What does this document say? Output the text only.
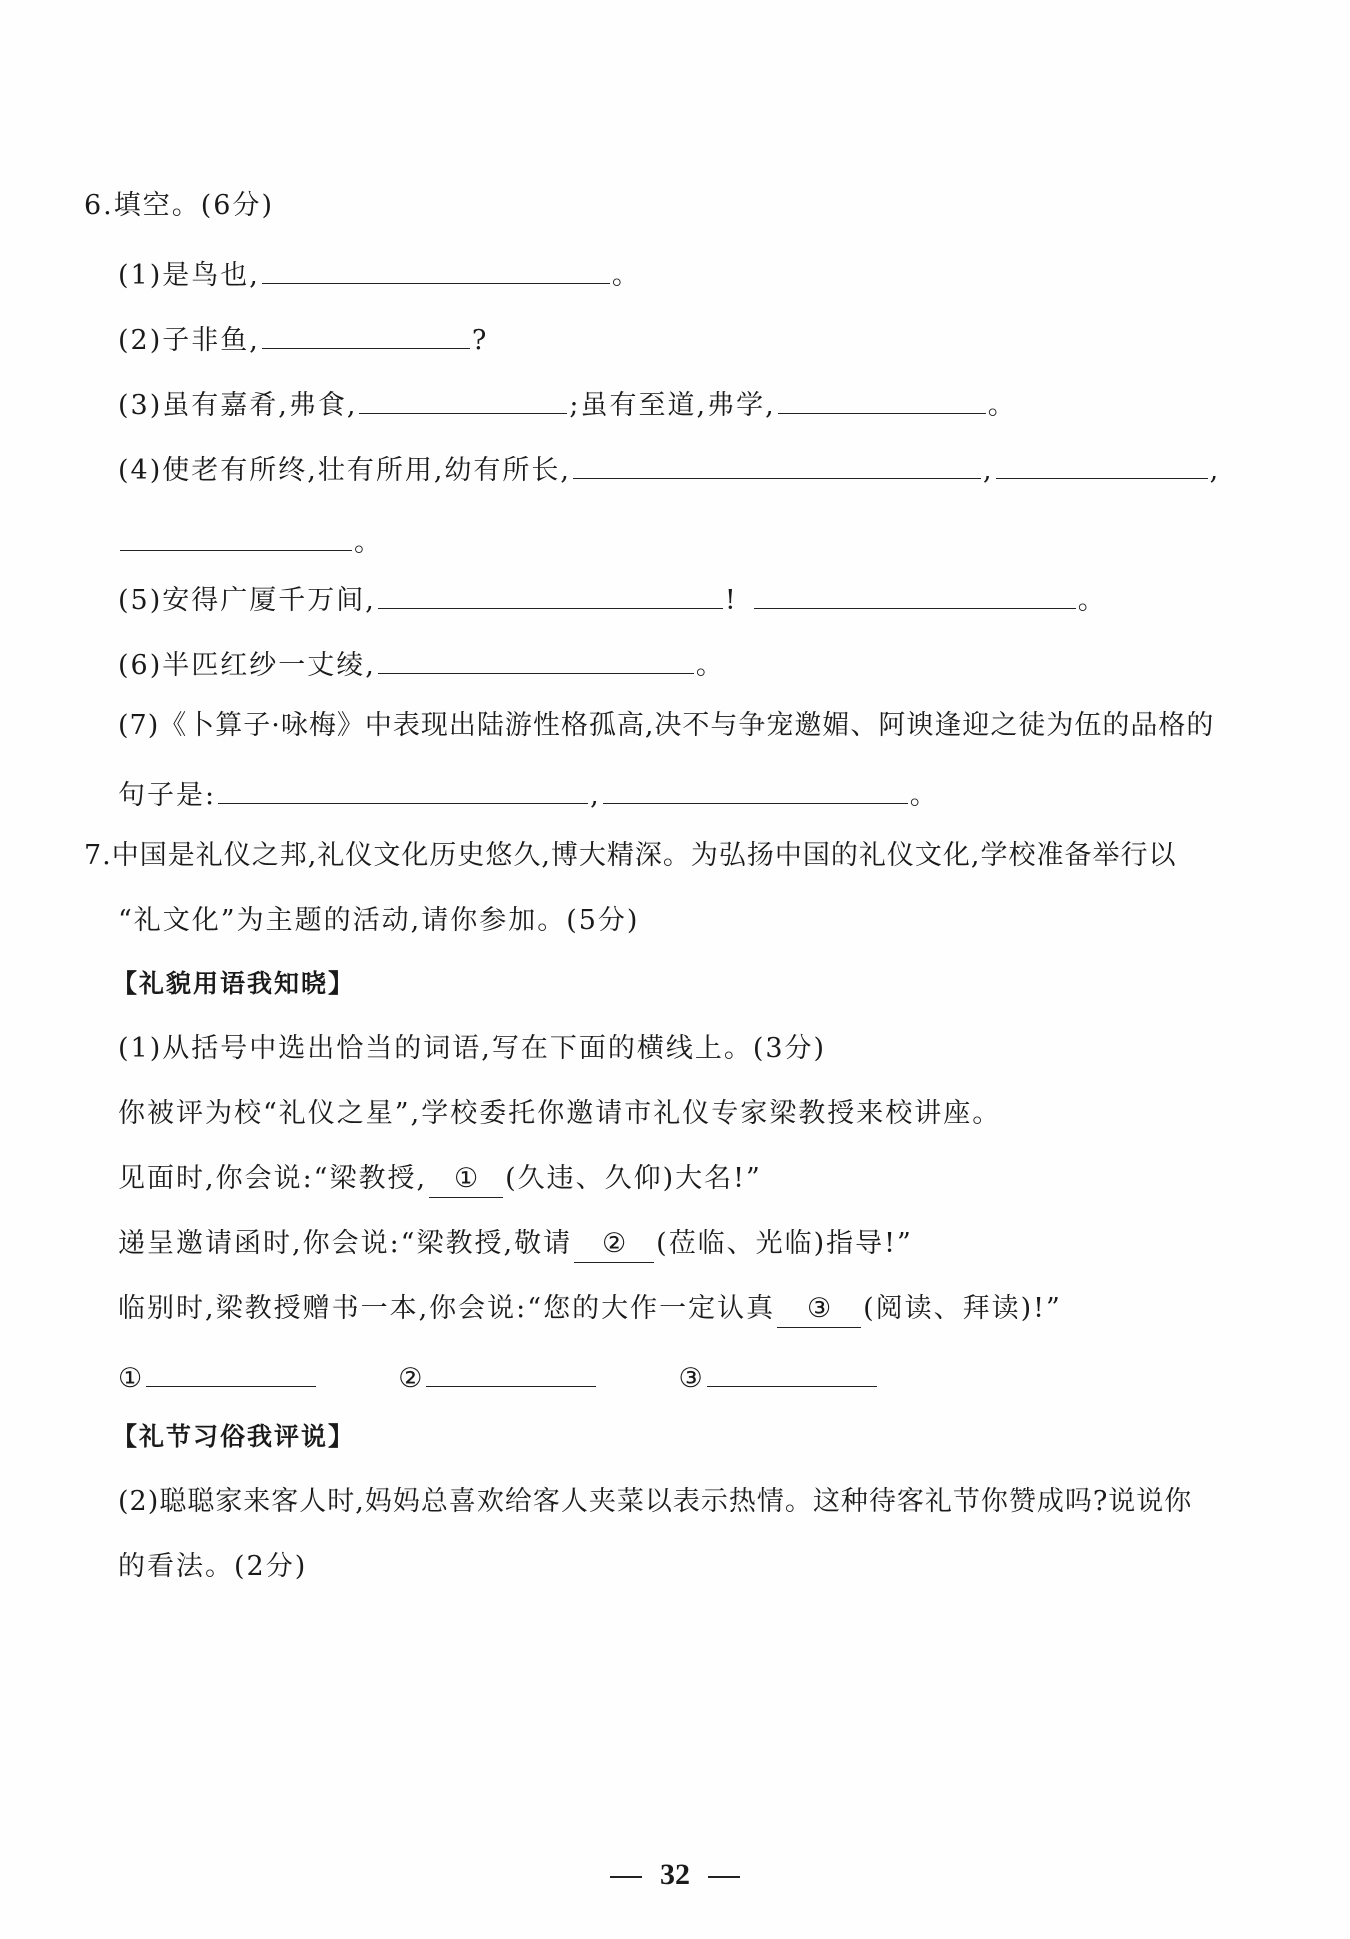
6.填空。(6分)
(1)是鸟也,	。
(2)子非鱼,	?
(3)虽有嘉肴,弗食,	;虽有至道,弗学,	。
(4)使老有所终,壮有所用,幼有所长,	,	,
。
(5)安得广厦千万间,	!	。
(6)半匹红纱一丈绫,	。
(7)《卜算子·咏梅》中表现出陆游性格孤高,决不与争宠邀媚、阿谀逢迎之徒为伍的品格的
句子是:	,	。
7.中国是礼仪之邦,礼仪文化历史悠久,博大精深。为弘扬中国的礼仪文化,学校准备举行以
“礼文化”为主题的活动,请你参加。(5分)
【礼貌用语我知晓】
(1)从括号中选出恰当的词语,写在下面的横线上。(3分)
你被评为校“礼仪之星”,学校委托你邀请市礼仪专家梁教授来校讲座。
见面时,你会说:“梁教授, ① (久违、久仰)大名!”
递呈邀请函时,你会说:“梁教授,敬请 ② (莅临、光临)指导!”
临别时,梁教授赠书一本,你会说:“您的大作一定认真 ③ (阅读、拜读)!”
①	②	③
【礼节习俗我评说】
(2)聪聪家来客人时,妈妈总喜欢给客人夹菜以表示热情。这种待客礼节你赞成吗?说说你
的看法。(2分)
32
